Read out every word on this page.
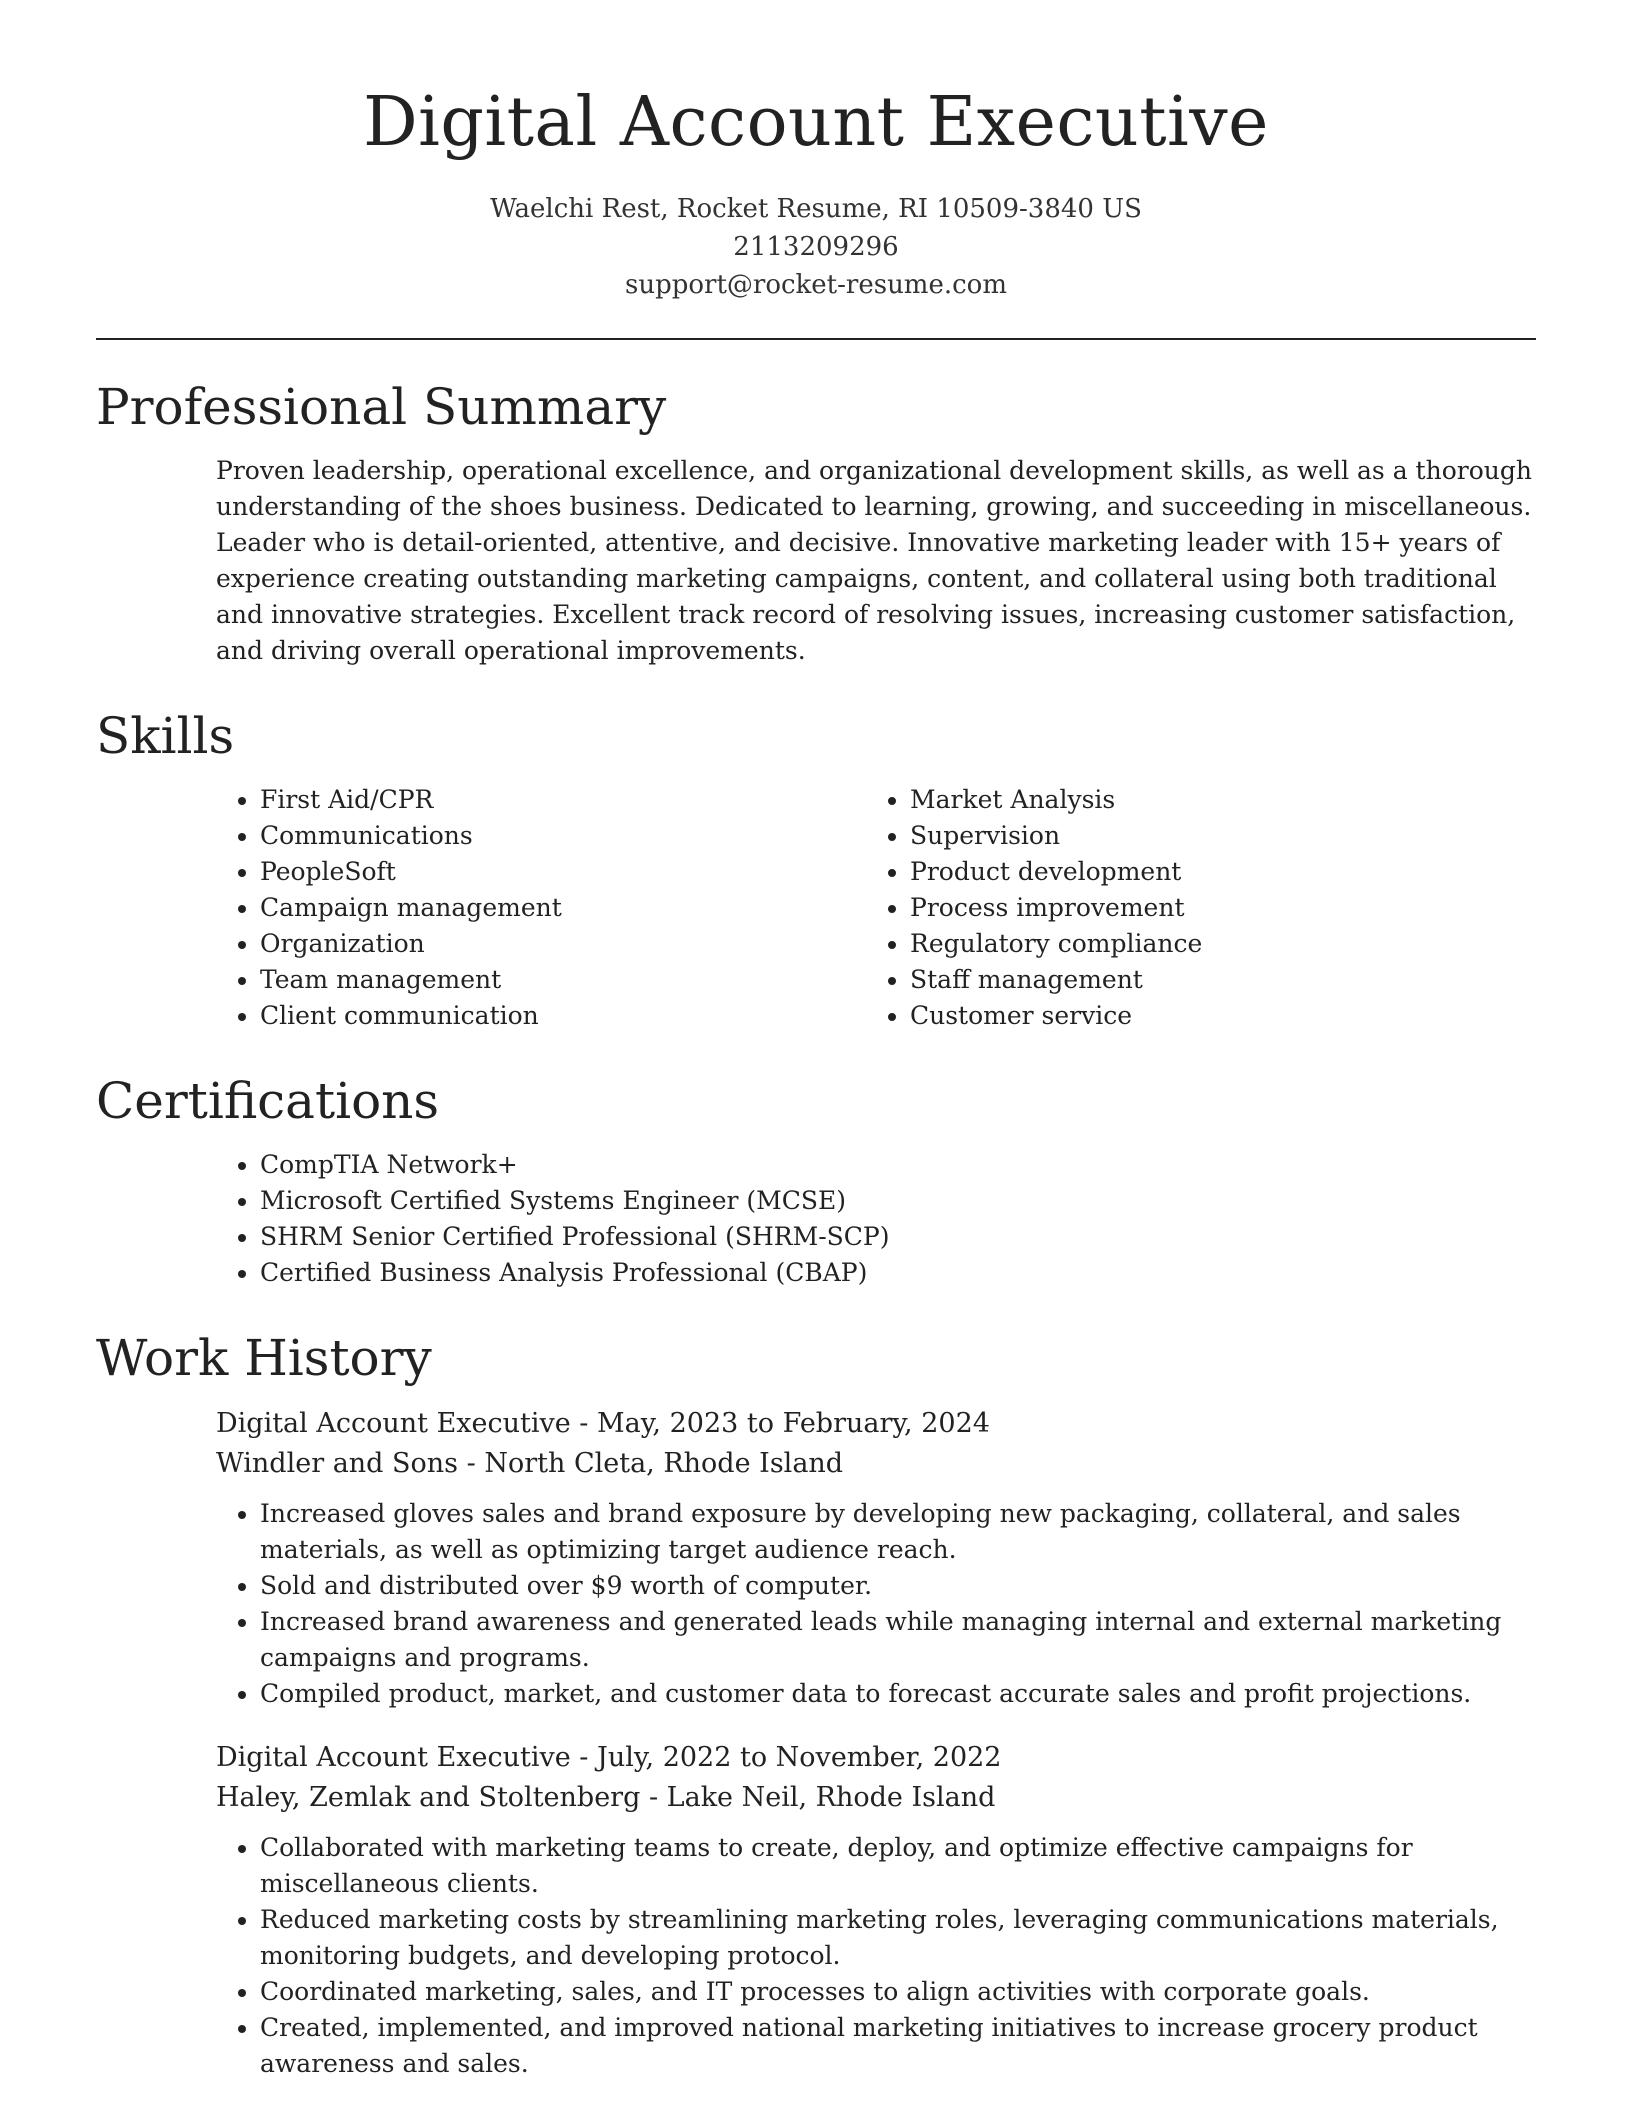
Digital Account Executive
Waelchi Rest, Rocket Resume, RI 10509-3840 US
2113209296
support@rocket-resume.com
Professional Summary

Proven leadership, operational excellence, and organizational development skills, as well as a thorough understanding of the shoes business. Dedicated to learning, growing, and succeeding in miscellaneous. Leader who is detail-oriented, attentive, and decisive. Innovative marketing leader with 15+ years of experience creating outstanding marketing campaigns, content, and collateral using both traditional and innovative strategies. Excellent track record of resolving issues, increasing customer satisfaction, and driving overall operational improvements.

Skills
• First Aid/CPR
• Communications
• PeopleSoft
• Campaign management
• Organization
• Team management
• Client communication
• Market Analysis
• Supervision
• Product development
• Process improvement
• Regulatory compliance
• Staff management
• Customer service
Certifications
• CompTIA Network+
• Microsoft Certified Systems Engineer (MCSE)
• SHRM Senior Certified Professional (SHRM-SCP)
• Certified Business Analysis Professional (CBAP)
Work History

Digital Account Executive - May, 2023 to February, 2024

Windler and Sons - North Cleta, Rhode Island

• Increased gloves sales and brand exposure by developing new packaging, collateral, and sales materials, as well as optimizing target audience reach.
• Sold and distributed over $9 worth of computer.
• Increased brand awareness and generated leads while managing internal and external marketing campaigns and programs.
• Compiled product, market, and customer data to forecast accurate sales and profit projections.

Digital Account Executive - July, 2022 to November, 2022

Haley, Zemlak and Stoltenberg - Lake Neil, Rhode Island

• Collaborated with marketing teams to create, deploy, and optimize effective campaigns for miscellaneous clients.
• Reduced marketing costs by streamlining marketing roles, leveraging communications materials, monitoring budgets, and developing protocol.
• Coordinated marketing, sales, and IT processes to align activities with corporate goals.
• Created, implemented, and improved national marketing initiatives to increase grocery product awareness and sales.
